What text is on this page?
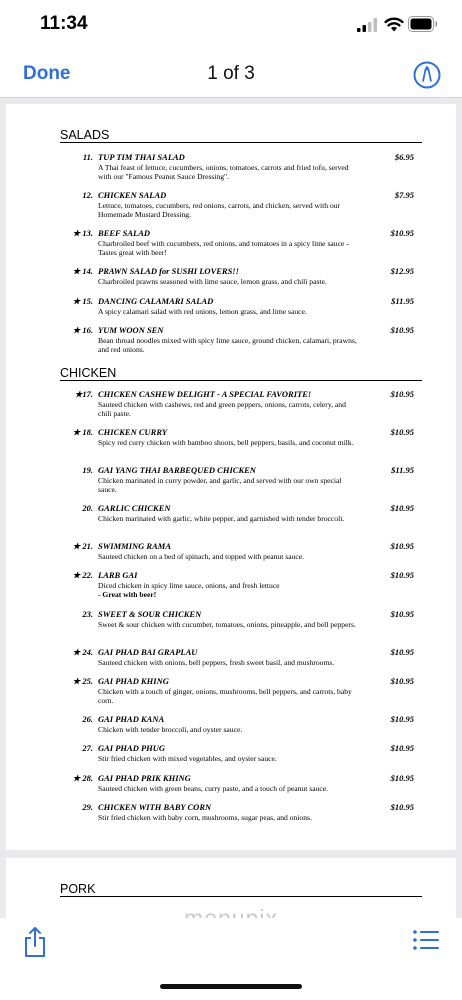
11:34
Done	1 of 3
SALADS
11. TUP TIM THAI SALAD	$6.95
A Thai feast of lettuce, cucumbers, onions, tomatoes, carrots and fried tofu, served with our "Famous Peanut Sauce Dressing".
12. CHICKEN SALAD	$7.95
Lettuce, tomatoes, cucumbers, red onions, carrots, and chicken, served with our Homemade Mustard Dressing.
★ 13. BEEF SALAD	$10.95
Charbroiled beef with cucumbers, red onions, and tomatoes in a spicy lime sauce - Tastes great with beer!
★ 14. PRAWN SALAD for SUSHI LOVERS!!	$12.95
Charbroiled prawns seasoned with lime sauce, lemon grass, and chili paste.
★ 15. DANCING CALAMARI SALAD	$11.95
A spicy calamari salad with red onions, lemon grass, and lime sauce.
★ 16. YUM WOON SEN	$10.95
Bean thread noodles mixed with spicy lime sauce, ground chicken, calamari, prawns, and red onions.
CHICKEN
★17. CHICKEN CASHEW DELIGHT - A SPECIAL FAVORITE!	$10.95
Sauteed chicken with cashews, red and green peppers, onions, carrots, celery, and chili paste.
★ 18. CHICKEN CURRY	$10.95
Spicy red curry chicken with bamboo shoots, bell peppers, basils, and coconut milk.
19. GAI YANG THAI BARBEQUED CHICKEN	$11.95
Chicken marinated in curry powder, and garlic, and served with our own special sauce.
20. GARLIC CHICKEN	$10.95
Chicken marinated with garlic, white pepper, and garnished with tender broccoli.
★ 21. SWIMMING RAMA	$10.95
Sauteed chicken on a bed of spinach, and topped with peanut sauce.
★ 22. LARB GAI	$10.95
Diced chicken in spicy lime sauce, onions, and fresh lettuce
- Great with beer!
23. SWEET & SOUR CHICKEN	$10.95
Sweet & sour chicken with cucumber, tomatoes, onions, pineapple, and bell peppers.
★ 24. GAI PHAD BAI GRAPLAU	$10.95
Sauteed chicken with onions, bell peppers, fresh sweet basil, and mushrooms.
★ 25. GAI PHAD KHING	$10.95
Chicken with a touch of ginger, onions, mushrooms, bell peppers, and carrots, baby corn.
26. GAI PHAD KANA	$10.95
Chicken with tender broccoli, and oyster sauce.
27. GAI PHAD PHUG	$10.95
Stir fried chicken with mixed vegetables, and oyster sauce.
★ 28. GAI PHAD PRIK KHING	$10.95
Sauteed chicken with green beans, curry paste, and a touch of peanut sauce.
29. CHICKEN WITH BABY CORN	$10.95
Stir fried chicken with baby corn, mushrooms, sugar peas, and onions.
PORK
